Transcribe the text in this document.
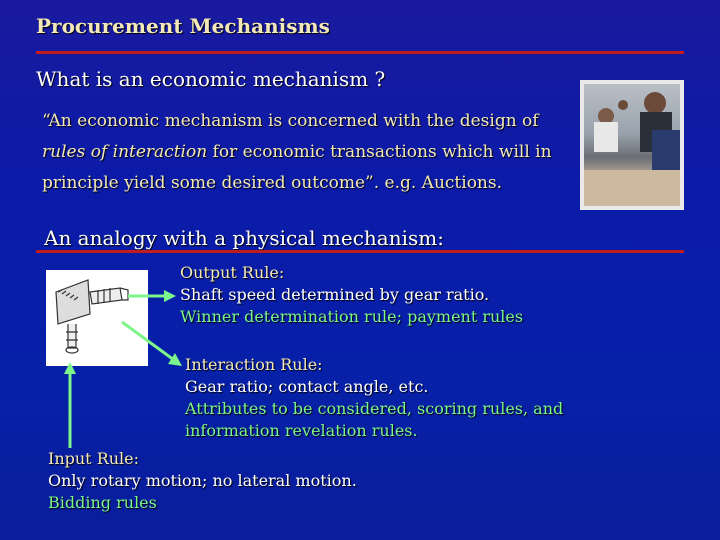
Procurement Mechanisms
What is an economic mechanism ?
“An economic mechanism is concerned with the design of
rules of interaction for economic transactions which will in principle yield some desired outcome”. e.g. Auctions.
An analogy with a physical mechanism:
Output Rule:
Shaft speed determined by gear ratio.
Winner determination rule; payment rules
Interaction Rule:
Gear ratio; contact angle, etc.
Attributes to be considered, scoring rules, and
information revelation rules.
Input Rule:
Only rotary motion; no lateral motion.
Bidding rules
